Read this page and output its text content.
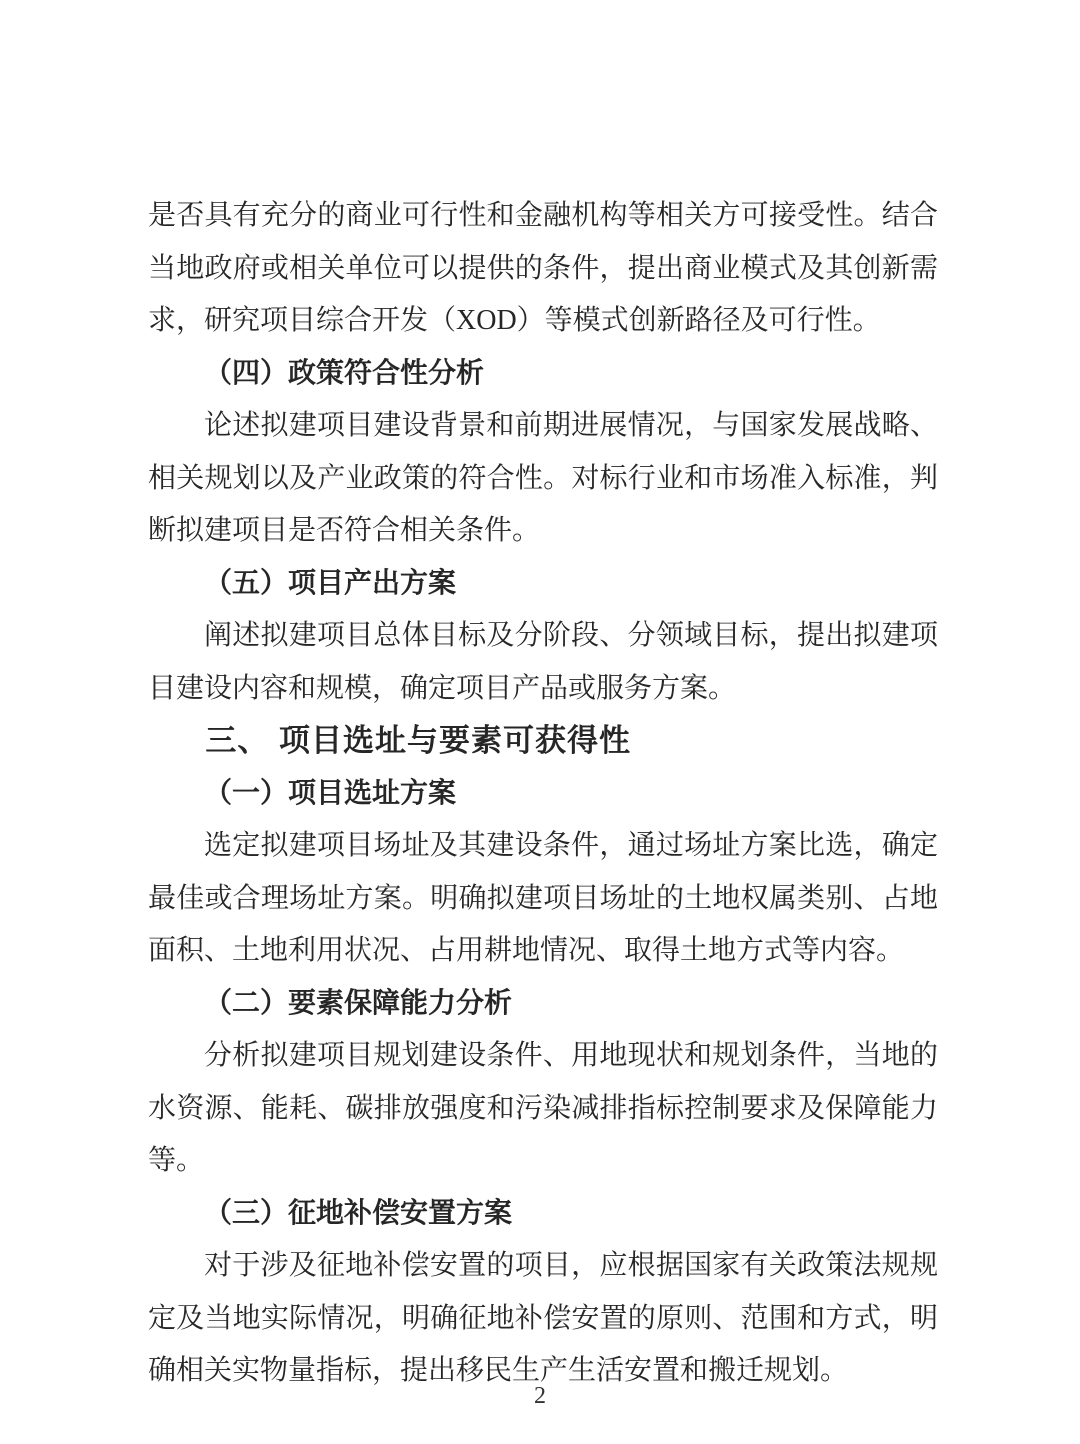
是否具有充分的商业可行性和金融机构等相关方可接受性。结合当地政府或相关单位可以提供的条件，提出商业模式及其创新需求，研究项目综合开发（XOD）等模式创新路径及可行性。

（四）政策符合性分析

论述拟建项目建设背景和前期进展情况，与国家发展战略、相关规划以及产业政策的符合性。对标行业和市场准入标准，判断拟建项目是否符合相关条件。

（五）项目产出方案

阐述拟建项目总体目标及分阶段、分领域目标，提出拟建项目建设内容和规模，确定项目产品或服务方案。

三、 项目选址与要素可获得性

（一）项目选址方案

选定拟建项目场址及其建设条件，通过场址方案比选，确定最佳或合理场址方案。明确拟建项目场址的土地权属类别、占地面积、土地利用状况、占用耕地情况、取得土地方式等内容。

（二）要素保障能力分析

分析拟建项目规划建设条件、用地现状和规划条件，当地的水资源、能耗、碳排放强度和污染减排指标控制要求及保障能力等。

（三）征地补偿安置方案

对于涉及征地补偿安置的项目，应根据国家有关政策法规规定及当地实际情况，明确征地补偿安置的原则、范围和方式，明确相关实物量指标，提出移民生产生活安置和搬迁规划。

2
